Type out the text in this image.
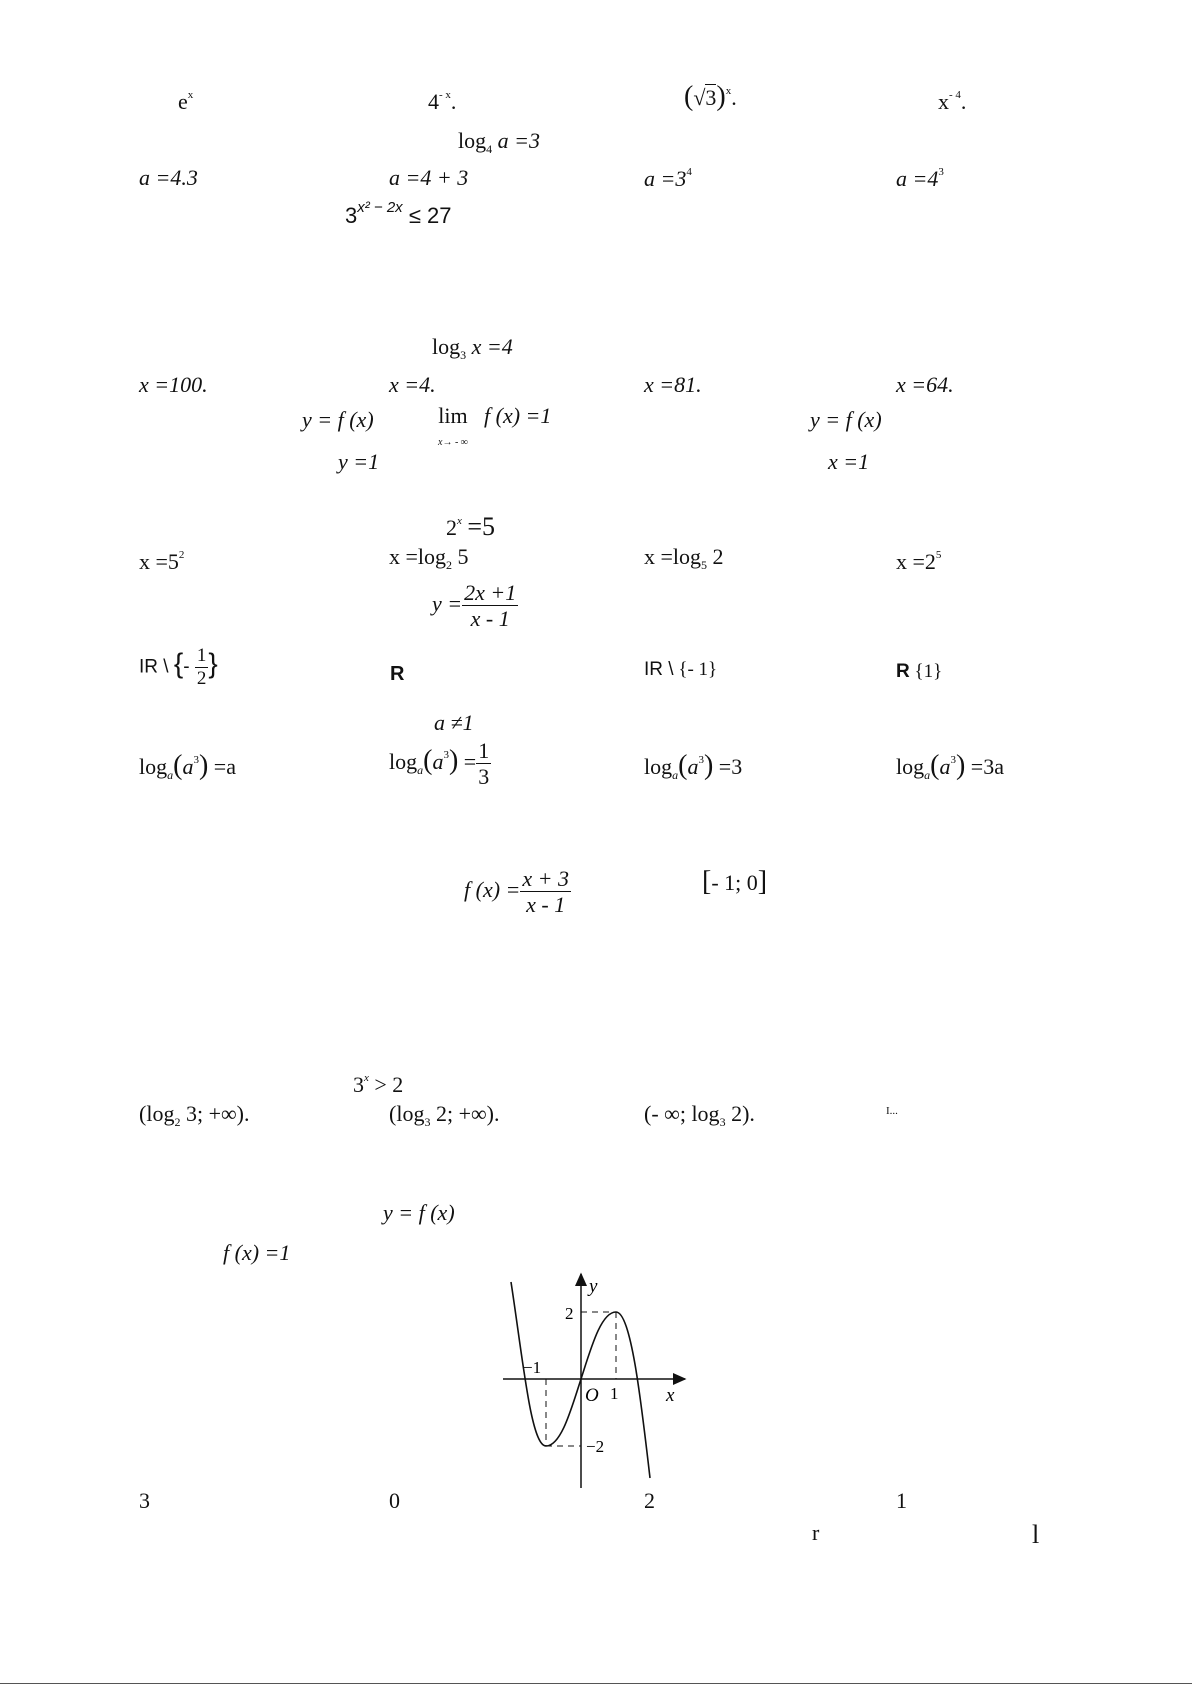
$e^x$	$4^{- x}$.	$(√3)^x$.	$x^{- 4}$.
$\log_4 a =3$
a =4.3	a =4 + 3	$a =3^4$	$a =4^3$
$3^{x^2 - 2x} \le 27$
$\log_3 x =4$
x =100.	x =4.	x =81.	x =64.
y = f (x)	lim
x→ - ∞
f (x) =1	y = f (x)
y =1	x =1
$2^x =5$
$x =5^2$	$x =\log_2$ 5	$x =\log_5$ 2	$x =2^5$
$y = \frac{2x +1}{x - 1}$
IR \ {- $\frac{1}{2}$ }	R	IR \ {- 1}	R {1}
a ≠1
$\log_a(a^3) =a$	$\log_a(a^3) = \frac{1}{3}$	$\log_a(a^3) =3$	$\log_a(a^3) =3a$
f $(x) = \frac{x + 3}{x - 1}$	[- 1; 0]
$3^x > 2$
($\log_2$ 3; +∞).	($\log_3$ 2; +∞).	(- ∞; $\log_3 2$).	I...
y = f (x)
f (x) =1
y
x
O
2
−1
1
−2
3	0	2	1
r	l
